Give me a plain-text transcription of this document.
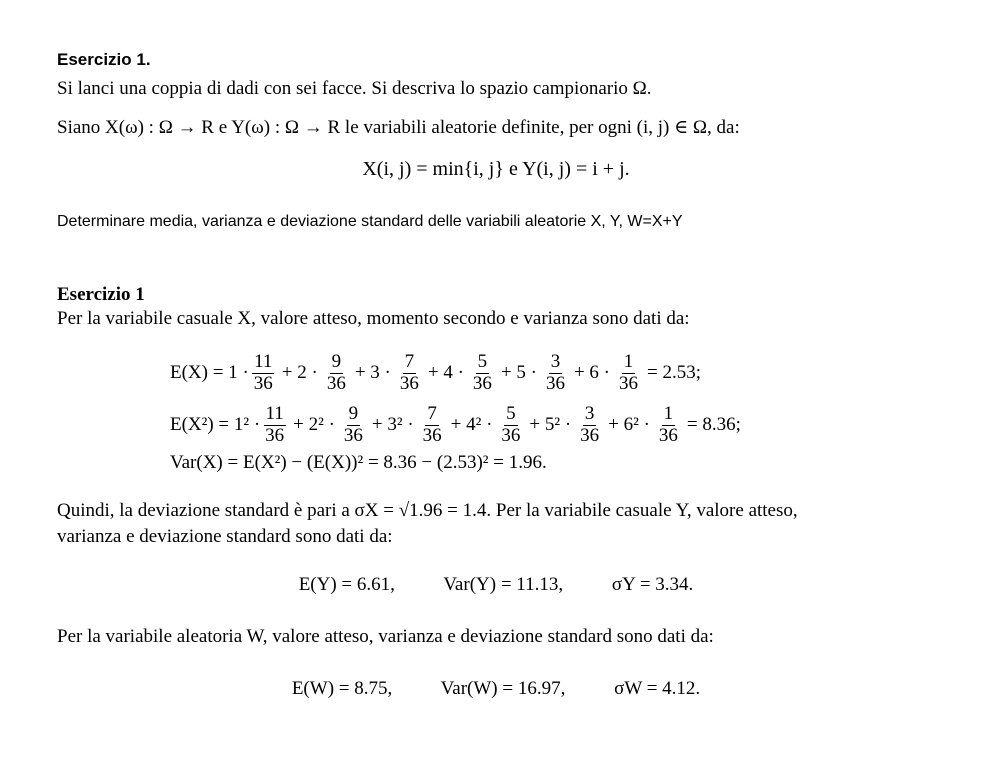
Esercizio 1.
Si lanci una coppia di dadi con sei facce. Si descriva lo spazio campionario Ω.
Siano X(ω) : Ω → R e Y(ω) : Ω → R le variabili aleatorie definite, per ogni (i, j) ∈ Ω, da:
X(i, j) = min{i, j} e Y(i, j) = i + j.
Determinare media, varianza e deviazione standard delle variabili aleatorie X, Y, W=X+Y
Esercizio 1
Per la variabile casuale X, valore atteso, momento secondo e varianza sono dati da:
$E(X) = 1 \cdot \frac{11}{36} + 2 \cdot \frac{9}{36} + 3 \cdot \frac{7}{36} + 4 \cdot \frac{5}{36} + 5 \cdot \frac{3}{36} + 6 \cdot \frac{1}{36} = 2.53$;
$E(X^2) = 1^2 \cdot \frac{11}{36} + 2^2 \cdot \frac{9}{36} + 3^2 \cdot \frac{7}{36} + 4^2 \cdot \frac{5}{36} + 5^2 \cdot \frac{3}{36} + 6^2 \cdot \frac{1}{36} = 8.36$;
Var(X) = E(X²) − (E(X))² = 8.36 − (2.53)² = 1.96.
Quindi, la deviazione standard è pari a σX = √1.96 = 1.4. Per la variabile casuale Y, valore atteso,
varianza e deviazione standard sono dati da:
E(Y) = 6.61,	Var(Y) = 11.13,	σY = 3.34.
Per la variabile aleatoria W, valore atteso, varianza e deviazione standard sono dati da:
E(W) = 8.75,	Var(W) = 16.97,	σW = 4.12.
